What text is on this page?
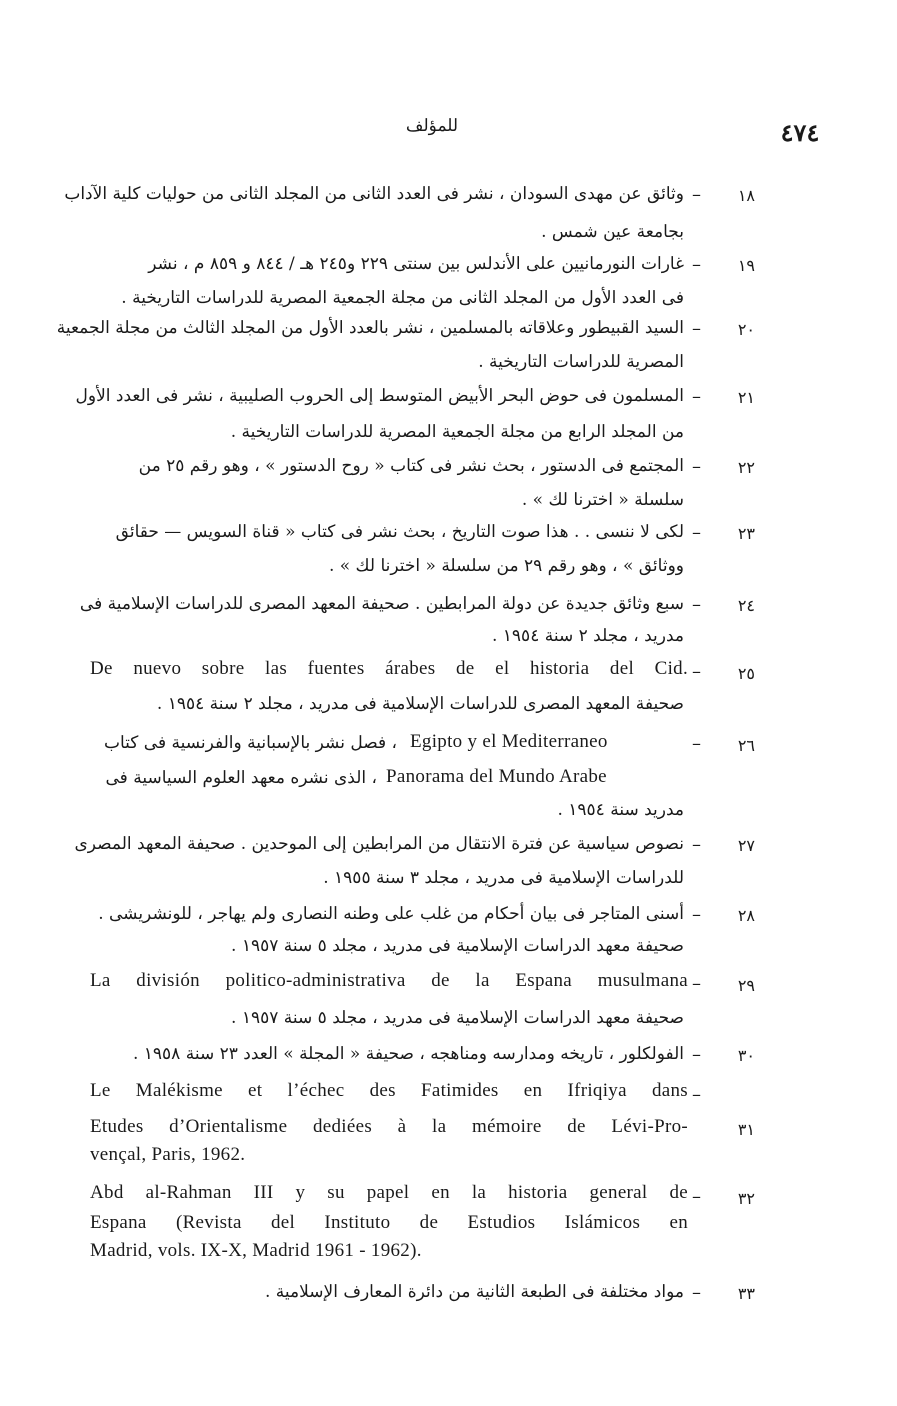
للمؤلف	٤٧٤
١٨
–
وثائق عن مهدى السودان ، نشر فى العدد الثانى من المجلد الثانى من حوليات كلية الآداب
بجامعة عين شمس .
١٩
–
غارات النورمانيين على الأندلس بين سنتى ٢٢٩ و٢٤٥ هـ / ٨٤٤ و ٨٥٩ م ، نشر
فى العدد الأول من المجلد الثانى من مجلة الجمعية المصرية للدراسات التاريخية .
٢٠
–
السيد القبيطور وعلاقاته بالمسلمين ، نشر بالعدد الأول من المجلد الثالث من مجلة الجمعية
المصرية للدراسات التاريخية .
٢١
–
المسلمون فى حوض البحر الأبيض المتوسط إلى الحروب الصليبية ، نشر فى العدد الأول
من المجلد الرابع من مجلة الجمعية المصرية للدراسات التاريخية .
٢٢
–
المجتمع فى الدستور ، بحث نشر فى كتاب « روح الدستور » ، وهو رقم ٢٥ من
سلسلة « اخترنا لك » .
٢٣
–
لكى لا ننسى . . هذا صوت التاريخ ، بحث نشر فى كتاب « قناة السويس — حقائق
ووثائق » ، وهو رقم ٢٩ من سلسلة « اخترنا لك » .
٢٤
–
سبع وثائق جديدة عن دولة المرابطين . صحيفة المعهد المصرى للدراسات الإسلامية فى
مدريد ، مجلد ٢ سنة ١٩٥٤ .
٢٥
–
De nuevo sobre las fuentes árabes de el historia del Cid.
صحيفة المعهد المصرى للدراسات الإسلامية فى مدريد ، مجلد ٢ سنة ١٩٥٤ .
٢٦
–
Egipto y el Mediterraneo
، فصل نشر بالإسبانية والفرنسية فى كتاب
Panorama del Mundo Arabe
، الذى نشره معهد العلوم السياسية فى
مدريد سنة ١٩٥٤ .
٢٧
–
نصوص سياسية عن فترة الانتقال من المرابطين إلى الموحدين . صحيفة المعهد المصرى
للدراسات الإسلامية فى مدريد ، مجلد ٣ سنة ١٩٥٥ .
٢٨
–
أسنى المتاجر فى بيان أحكام من غلب على وطنه النصارى ولم يهاجر ، للونشريشى .
صحيفة معهد الدراسات الإسلامية فى مدريد ، مجلد ٥ سنة ١٩٥٧ .
٢٩
–
La división politico-administrativa de la Espana musulmana
صحيفة معهد الدراسات الإسلامية فى مدريد ، مجلد ٥ سنة ١٩٥٧ .
٣٠
–
الفولكلور ، تاريخه ومدارسه ومناهجه ، صحيفة « المجلة » العدد ٢٣ سنة ١٩٥٨ .
٣١
–
Le Malékisme et l’échec des Fatimides en Ifriqiya dans
Etudes d’Orientalisme dediées à la mémoire de Lévi-Pro-
vençal, Paris, 1962.
٣٢
–
Abd al-Rahman III y su papel en la historia general de
Espana (Revista del Instituto de Estudios Islámicos en
Madrid, vols. IX-X, Madrid 1961 - 1962).
٣٣
–
مواد مختلفة فى الطبعة الثانية من دائرة المعارف الإسلامية .
